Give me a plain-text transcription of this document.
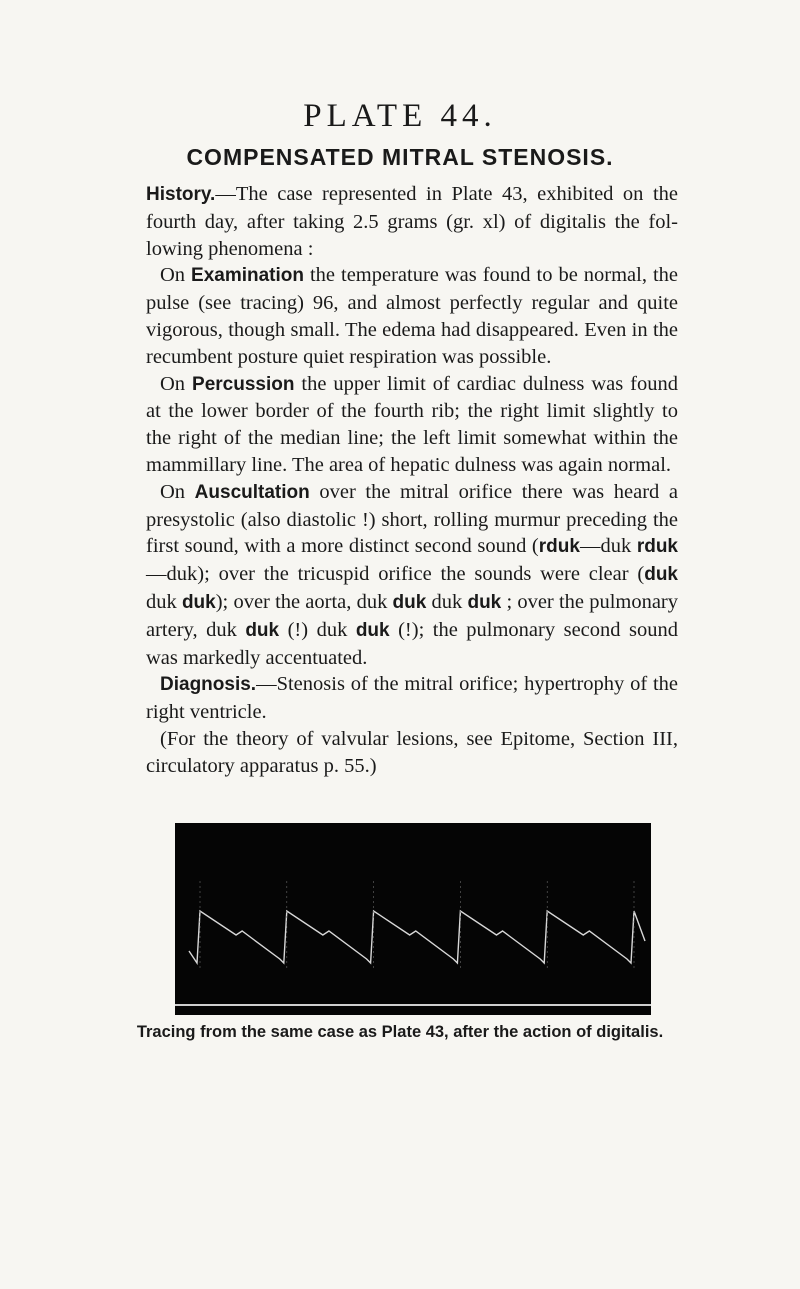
PLATE 44.
COMPENSATED MITRAL STENOSIS.

History.—The case represented in Plate 43, exhibited on the fourth day, after taking 2.5 grams (gr. xl) of digitalis the fol-lowing phenomena :

On Examination the temperature was found to be normal, the pulse (see tracing) 96, and almost perfectly regular and quite vigorous, though small. The edema had disappeared. Even in the recumbent posture quiet respiration was possible.

On Percussion the upper limit of cardiac dulness was found at the lower border of the fourth rib; the right limit slightly to the right of the median line; the left limit somewhat within the mammillary line. The area of hepatic dulness was again normal.

On Auscultation over the mitral orifice there was heard a presystolic (also diastolic !) short, rolling murmur preceding the first sound, with a more distinct second sound (rduk—duk rduk—duk); over the tricuspid orifice the sounds were clear (duk duk duk); over the aorta, duk duk duk duk ; over the pulmonary artery, duk duk (!) duk duk (!); the pulmonary second sound was markedly accentuated.

Diagnosis.—Stenosis of the mitral orifice; hypertrophy of the right ventricle.

(For the theory of valvular lesions, see Epitome, Section III, circulatory apparatus p. 55.)

Tracing from the same case as Plate 43, after the action of digitalis.
